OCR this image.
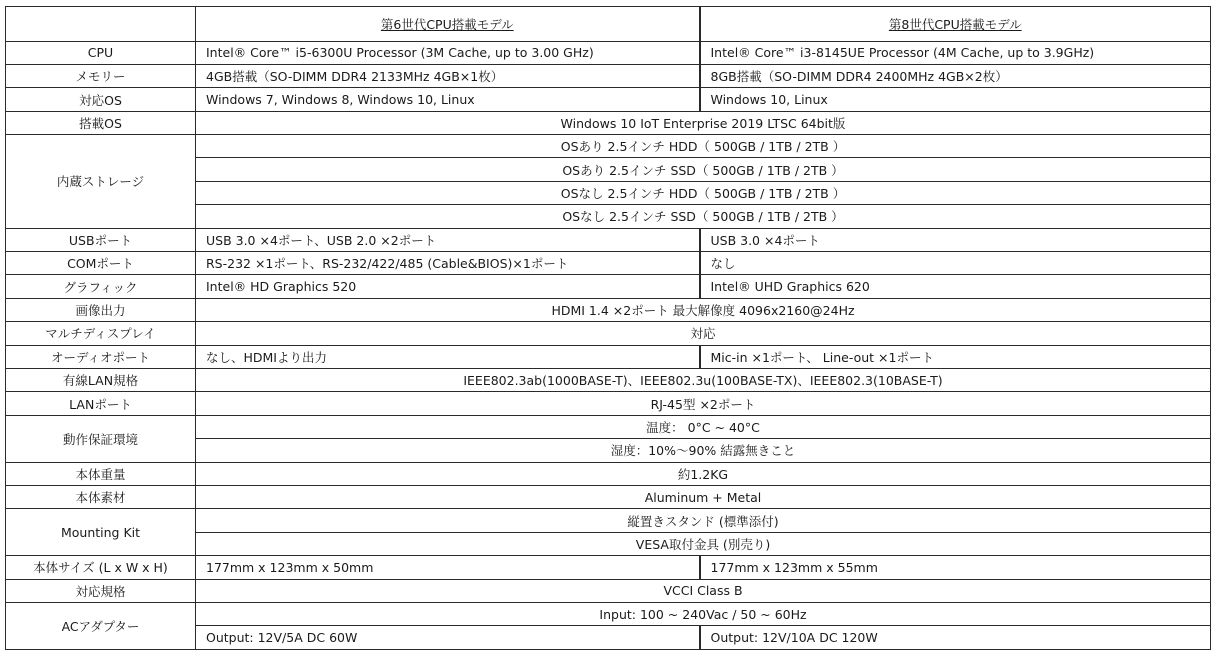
	第6世代CPU搭載モデル	第8世代CPU搭載モデル
CPU	Intel® Core™ i5-6300U Processor (3M Cache, up to 3.00 GHz)	Intel® Core™ i3-8145UE Processor (4M Cache, up to 3.9GHz)
メモリー	4GB搭載（SO-DIMM DDR4 2133MHz 4GB×1枚）	8GB搭載（SO-DIMM DDR4 2400MHz 4GB×2枚）
対応OS	Windows 7, Windows 8, Windows 10, Linux	Windows 10, Linux
搭載OS	Windows 10 IoT Enterprise 2019 LTSC 64bit版	
内蔵ストレージ	OSあり 2.5インチ HDD（ 500GB / 1TB / 2TB ）	
	OSあり 2.5インチ SSD（ 500GB / 1TB / 2TB ）	
	OSなし 2.5インチ HDD（ 500GB / 1TB / 2TB ）	
	OSなし 2.5インチ SSD（ 500GB / 1TB / 2TB ）	
USBポート	USB 3.0 ×4ポート、USB 2.0 ×2ポート	USB 3.0 ×4ポート
COMポート	RS-232 ×1ポート、RS-232/422/485 (Cable&BIOS)×1ポート	なし
グラフィック	Intel® HD Graphics 520	Intel® UHD Graphics 620
画像出力	HDMI 1.4 ×2ポート 最大解像度 4096x2160@24Hz	
マルチディスプレイ	対応	
オーディオポート	なし、HDMIより出力	Mic-in ×1ポート、 Line-out ×1ポート
有線LAN規格	IEEE802.3ab(1000BASE-T)、IEEE802.3u(100BASE-TX)、IEEE802.3(10BASE-T)	
LANポート	RJ-45型 ×2ポート	
動作保証環境	温度： 0°C ~ 40°C	
	湿度：10%～90% 結露無きこと	
本体重量	約1.2KG	
本体素材	Aluminum + Metal	
Mounting Kit	縦置きスタンド (標準添付)	
	VESA取付金具 (別売り)	
本体サイズ (L x W x H)	177mm x 123mm x 50mm	177mm x 123mm x 55mm
対応規格	VCCI Class B	
ACアダプター	Input: 100 ~ 240Vac / 50 ~ 60Hz	
	Output: 12V/5A DC 60W	Output: 12V/10A DC 120W
